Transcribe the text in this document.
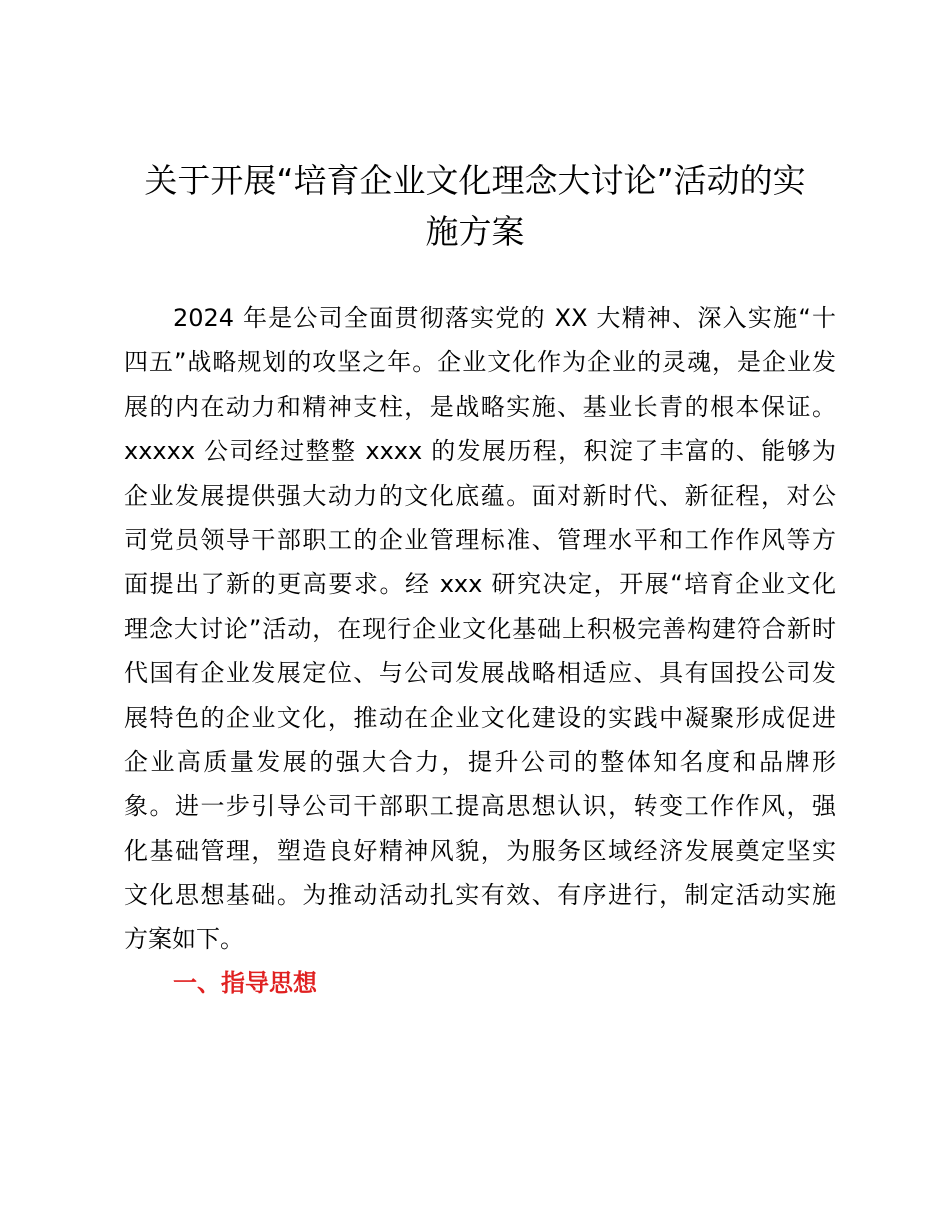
关于开展“培育企业文化理念大讨论”活动的实
施方案
2024 年是公司全面贯彻落实党的 XX 大精神、深入实施“十
四五”战略规划的攻坚之年。企业文化作为企业的灵魂，是企业发
展的内在动力和精神支柱，是战略实施、基业长青的根本保证。
xxxxx 公司经过整整 xxxx 的发展历程，积淀了丰富的、能够为
企业发展提供强大动力的文化底蕴。面对新时代、新征程，对公
司党员领导干部职工的企业管理标准、管理水平和工作作风等方
面提出了新的更高要求。经 xxx 研究决定，开展“培育企业文化
理念大讨论”活动，在现行企业文化基础上积极完善构建符合新时
代国有企业发展定位、与公司发展战略相适应、具有国投公司发
展特色的企业文化，推动在企业文化建设的实践中凝聚形成促进
企业高质量发展的强大合力，提升公司的整体知名度和品牌形
象。进一步引导公司干部职工提高思想认识，转变工作作风，强
化基础管理，塑造良好精神风貌，为服务区域经济发展奠定坚实
文化思想基础。为推动活动扎实有效、有序进行，制定活动实施
方案如下。
一、指导思想
